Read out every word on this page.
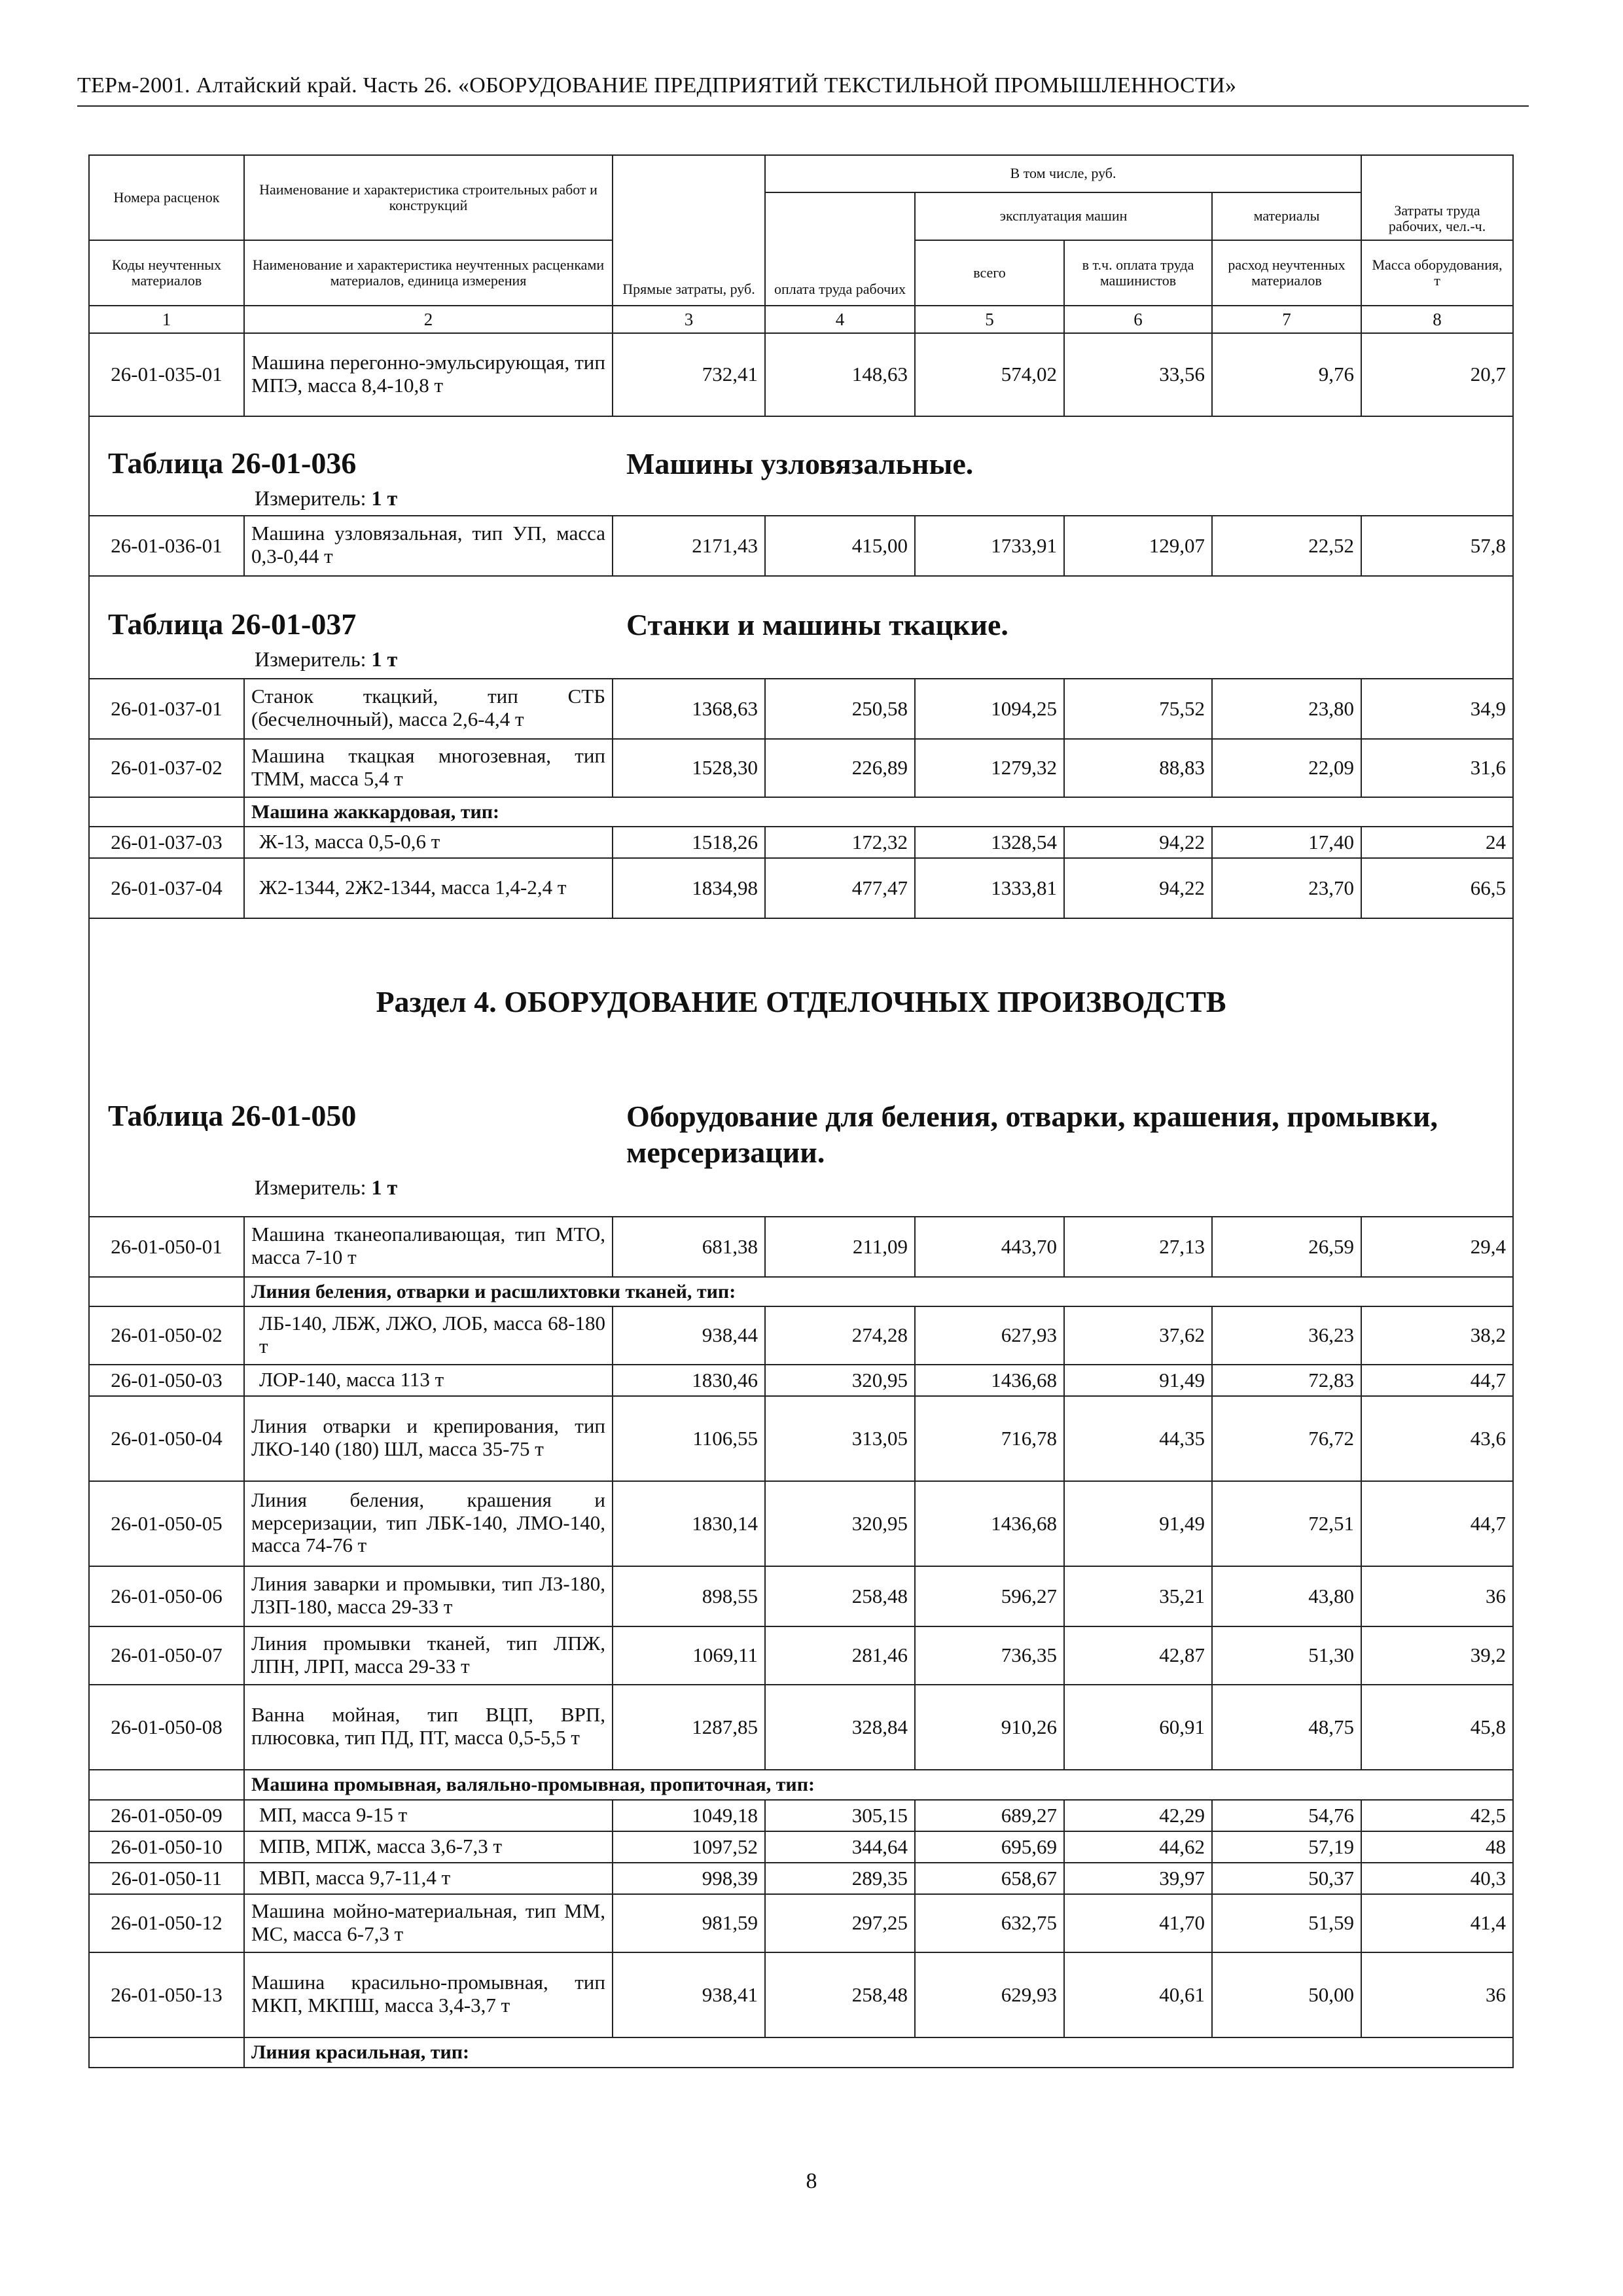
ТЕРм-2001. Алтайский край. Часть 26. «ОБОРУДОВАНИЕ ПРЕДПРИЯТИЙ ТЕКСТИЛЬНОЙ ПРОМЫШЛЕННОСТИ»
Номера расценок	Наименование и характеристика строительных работ и конструкций	Прямые затраты, руб.	В том числе, руб.				Затраты труда рабочих, чел.-ч.
			оплата труда рабочих	эксплуатация машин		материалы	
Коды неучтенных материалов	Наименование и характеристика неучтенных расценками материалов, единица измерения			всего	в т.ч. оплата труда машинистов	расход неучтенных материалов	Масса оборудования, т

1	2	3	4	5	6	7	8
26-01-035-01	Машина перегонно-эмульсирующая, тип МПЭ, масса 8,4-10,8 т	732,41	148,63	574,02	33,56	9,76	20,7

Таблица 26-01-036 Машины узловязальные.
Измеритель: 1 т							

26-01-036-01	Машина узловязальная, тип УП, масса 0,3-0,44 т	2171,43	415,00	1733,91	129,07	22,52	57,8

Таблица 26-01-037 Станки и машины ткацкие.
Измеритель: 1 т							

26-01-037-01	Станок ткацкий, тип СТБ (бесчелночный), масса 2,6-4,4 т	1368,63	250,58	1094,25	75,52	23,80	34,9
26-01-037-02	Машина ткацкая многозевная, тип ТММ, масса 5,4 т	1528,30	226,89	1279,32	88,83	22,09	31,6
	Машина жаккардовая, тип:						
26-01-037-03	Ж-13, масса 0,5-0,6 т	1518,26	172,32	1328,54	94,22	17,40	24
26-01-037-04	Ж2-1344, 2Ж2-1344, масса 1,4-2,4 т	1834,98	477,47	1333,81	94,22	23,70	66,5

Раздел 4. ОБОРУДОВАНИЕ ОТДЕЛОЧНЫХ ПРОИЗВОДСТВ
Таблица 26-01-050 Оборудование для беления, отварки, крашения, промывки, мерсеризации.
Измеритель: 1 т							

26-01-050-01	Машина тканеопаливающая, тип МТО, масса 7-10 т	681,38	211,09	443,70	27,13	26,59	29,4
	Линия беления, отварки и расшлихтовки тканей, тип:						
26-01-050-02	ЛБ-140, ЛБЖ, ЛЖО, ЛОБ, масса 68-180 т	938,44	274,28	627,93	37,62	36,23	38,2
26-01-050-03	ЛОР-140, масса 113 т	1830,46	320,95	1436,68	91,49	72,83	44,7
26-01-050-04	Линия отварки и крепирования, тип ЛКО-140 (180) ШЛ, масса 35-75 т	1106,55	313,05	716,78	44,35	76,72	43,6
26-01-050-05	Линия беления, крашения и мерсеризации, тип ЛБК-140, ЛМО-140, масса 74-76 т	1830,14	320,95	1436,68	91,49	72,51	44,7
26-01-050-06	Линия заварки и промывки, тип ЛЗ-180, ЛЗП-180, масса 29-33 т	898,55	258,48	596,27	35,21	43,80	36
26-01-050-07	Линия промывки тканей, тип ЛПЖ, ЛПН, ЛРП, масса 29-33 т	1069,11	281,46	736,35	42,87	51,30	39,2
26-01-050-08	Ванна мойная, тип ВЦП, ВРП, плюсовка, тип ПД, ПТ, масса 0,5-5,5 т	1287,85	328,84	910,26	60,91	48,75	45,8
	Машина промывная, валяльно-промывная, пропиточная, тип:						
26-01-050-09	МП, масса 9-15 т	1049,18	305,15	689,27	42,29	54,76	42,5
26-01-050-10	МПВ, МПЖ, масса 3,6-7,3 т	1097,52	344,64	695,69	44,62	57,19	48
26-01-050-11	МВП, масса 9,7-11,4 т	998,39	289,35	658,67	39,97	50,37	40,3
26-01-050-12	Машина мойно-материальная, тип ММ, МС, масса 6-7,3 т	981,59	297,25	632,75	41,70	51,59	41,4
26-01-050-13	Машина красильно-промывная, тип МКП, МКПШ, масса 3,4-3,7 т	938,41	258,48	629,93	40,61	50,00	36
	Линия красильная, тип:						
8
